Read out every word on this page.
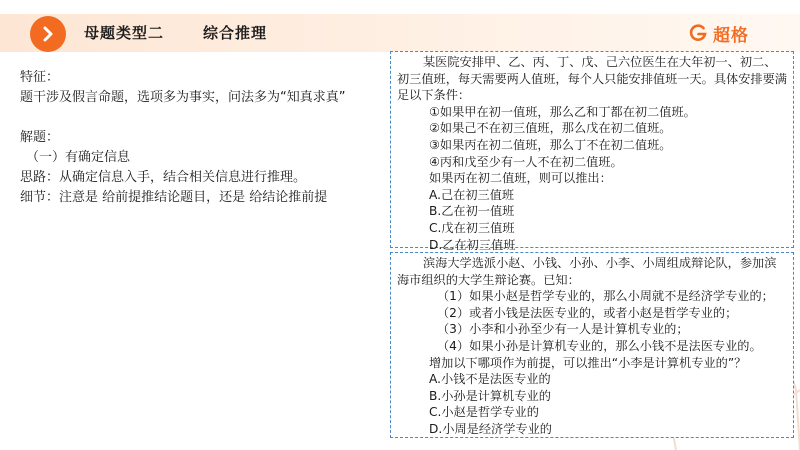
母题类型二	综合推理	超格
特征：
题干涉及假言命题，选项多为事实，问法多为“知真求真”
解题：
（一）有确定信息
思路：从确定信息入手，结合相关信息进行推理。
细节：注意是 给前提推结论题目，还是 给结论推前提

某医院安排甲、乙、丙、丁、戊、己六位医生在大年初一、初二、初三值班，每天需要两人值班，每个人只能安排值班一天。具体安排要满足以下条件：

①如果甲在初一值班，那么乙和丁都在初二值班。

②如果己不在初三值班，那么戊在初二值班。

③如果丙在初二值班，那么丁不在初二值班。

④丙和戊至少有一人不在初二值班。

如果丙在初二值班，则可以推出：

A.己在初三值班

B.乙在初一值班

C.戊在初三值班

D.乙在初三值班

滨海大学选派小赵、小钱、小孙、小李、小周组成辩论队，参加滨海市组织的大学生辩论赛。已知：

（1）如果小赵是哲学专业的，那么小周就不是经济学专业的；

（2）或者小钱是法医专业的，或者小赵是哲学专业的；

（3）小李和小孙至少有一人是计算机专业的；

（4）如果小孙是计算机专业的，那么小钱不是法医专业的。

增加以下哪项作为前提，可以推出“小李是计算机专业的”？

A.小钱不是法医专业的

B.小孙是计算机专业的

C.小赵是哲学专业的

D.小周是经济学专业的
